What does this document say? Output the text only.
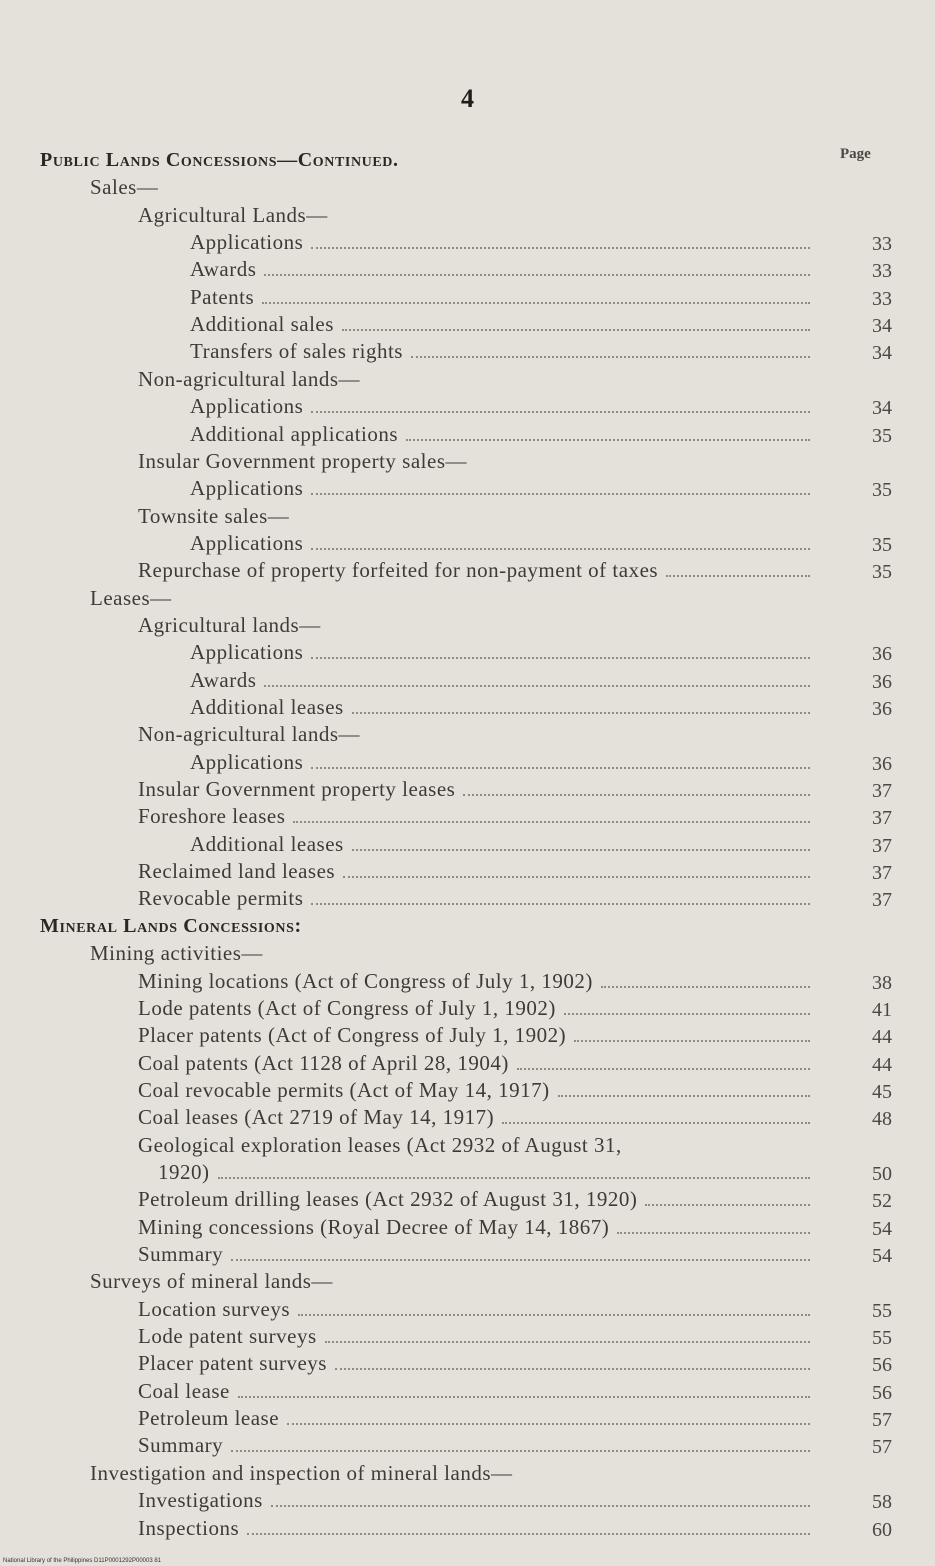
4
Page
Public Lands Concessions—Continued.
Sales—
Agricultural Lands—
Applications	33
Awards	33
Patents	33
Additional sales	34
Transfers of sales rights	34
Non-agricultural lands—
Applications	34
Additional applications	35
Insular Government property sales—
Applications	35
Townsite sales—
Applications	35
Repurchase of property forfeited for non-payment of taxes	35
Leases—
Agricultural lands—
Applications	36
Awards	36
Additional leases	36
Non-agricultural lands—
Applications	36
Insular Government property leases	37
Foreshore leases	37
Additional leases	37
Reclaimed land leases	37
Revocable permits	37
Mineral Lands Concessions:
Mining activities—
Mining locations (Act of Congress of July 1, 1902)	38
Lode patents (Act of Congress of July 1, 1902)	41
Placer patents (Act of Congress of July 1, 1902)	44
Coal patents (Act 1128 of April 28, 1904)	44
Coal revocable permits (Act of May 14, 1917)	45
Coal leases (Act 2719 of May 14, 1917)	48
Geological exploration leases (Act 2932 of August 31,
1920)	50
Petroleum drilling leases (Act 2932 of August 31, 1920)	52
Mining concessions (Royal Decree of May 14, 1867)	54
Summary	54
Surveys of mineral lands—
Location surveys	55
Lode patent surveys	55
Placer patent surveys	56
Coal lease	56
Petroleum lease	57
Summary	57
Investigation and inspection of mineral lands—
Investigations	58
Inspections	60
National Library of the Philippines D11P0001292P00003 81
